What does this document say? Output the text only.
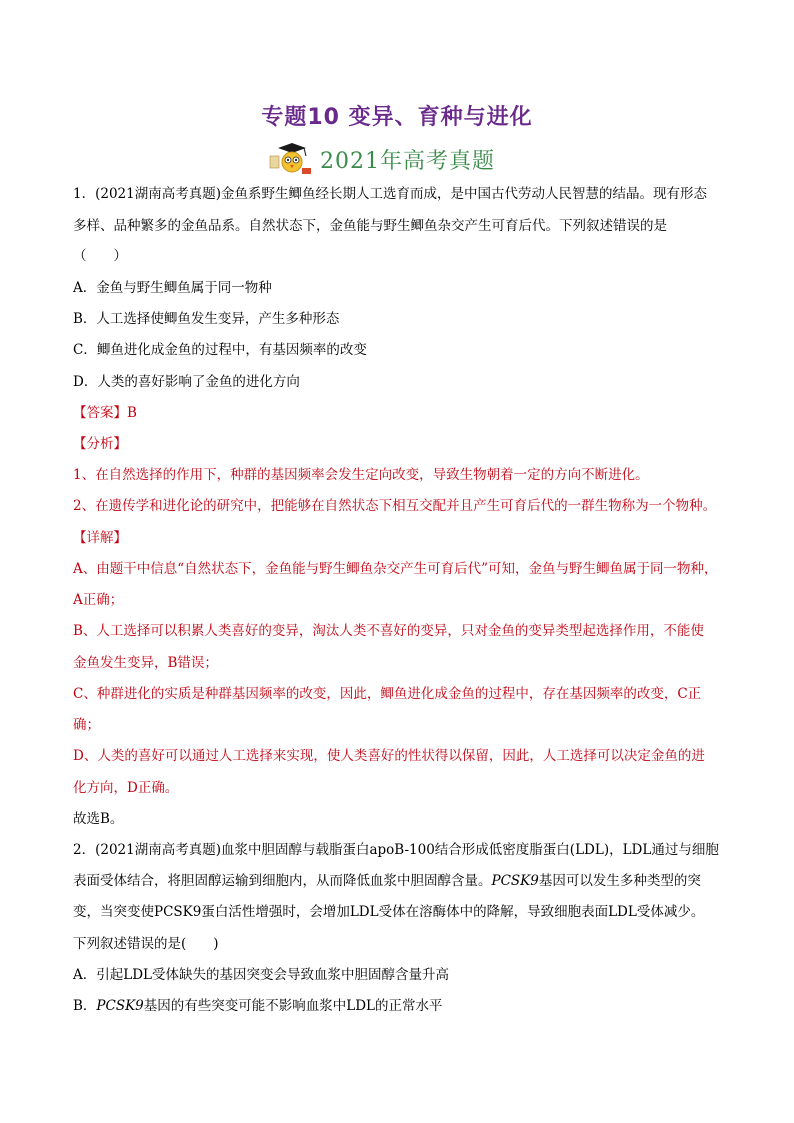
专题10 变异、育种与进化
2021年高考真题
1．(2021湖南高考真题)金鱼系野生鲫鱼经长期人工选育而成，是中国古代劳动人民智慧的结晶。现有形态
多样、品种繁多的金鱼品系。自然状态下，金鱼能与野生鲫鱼杂交产生可育后代。下列叙述错误的是
（　　）
A．金鱼与野生鲫鱼属于同一物种
B．人工选择使鲫鱼发生变异，产生多种形态
C．鲫鱼进化成金鱼的过程中，有基因频率的改变
D．人类的喜好影响了金鱼的进化方向
【答案】B
【分析】
1、在自然选择的作用下，种群的基因频率会发生定向改变，导致生物朝着一定的方向不断进化。
2、在遗传学和进化论的研究中，把能够在自然状态下相互交配并且产生可育后代的一群生物称为一个物种。
【详解】
A、由题干中信息“自然状态下，金鱼能与野生鲫鱼杂交产生可育后代”可知，金鱼与野生鲫鱼属于同一物种，
A正确；
B、人工选择可以积累人类喜好的变异，淘汰人类不喜好的变异，只对金鱼的变异类型起选择作用，不能使
金鱼发生变异，B错误；
C、种群进化的实质是种群基因频率的改变，因此，鲫鱼进化成金鱼的过程中，存在基因频率的改变，C正
确；
D、人类的喜好可以通过人工选择来实现，使人类喜好的性状得以保留，因此，人工选择可以决定金鱼的进
化方向，D正确。
故选B。
2．(2021湖南高考真题)血浆中胆固醇与载脂蛋白apoB-100结合形成低密度脂蛋白(LDL)，LDL通过与细胞
表面受体结合，将胆固醇运输到细胞内，从而降低血浆中胆固醇含量。PCSK9基因可以发生多种类型的突
变，当突变使PCSK9蛋白活性增强时，会增加LDL受体在溶酶体中的降解，导致细胞表面LDL受体减少。
下列叙述错误的是(　　)
A．引起LDL受体缺失的基因突变会导致血浆中胆固醇含量升高
B．PCSK9基因的有些突变可能不影响血浆中LDL的正常水平
